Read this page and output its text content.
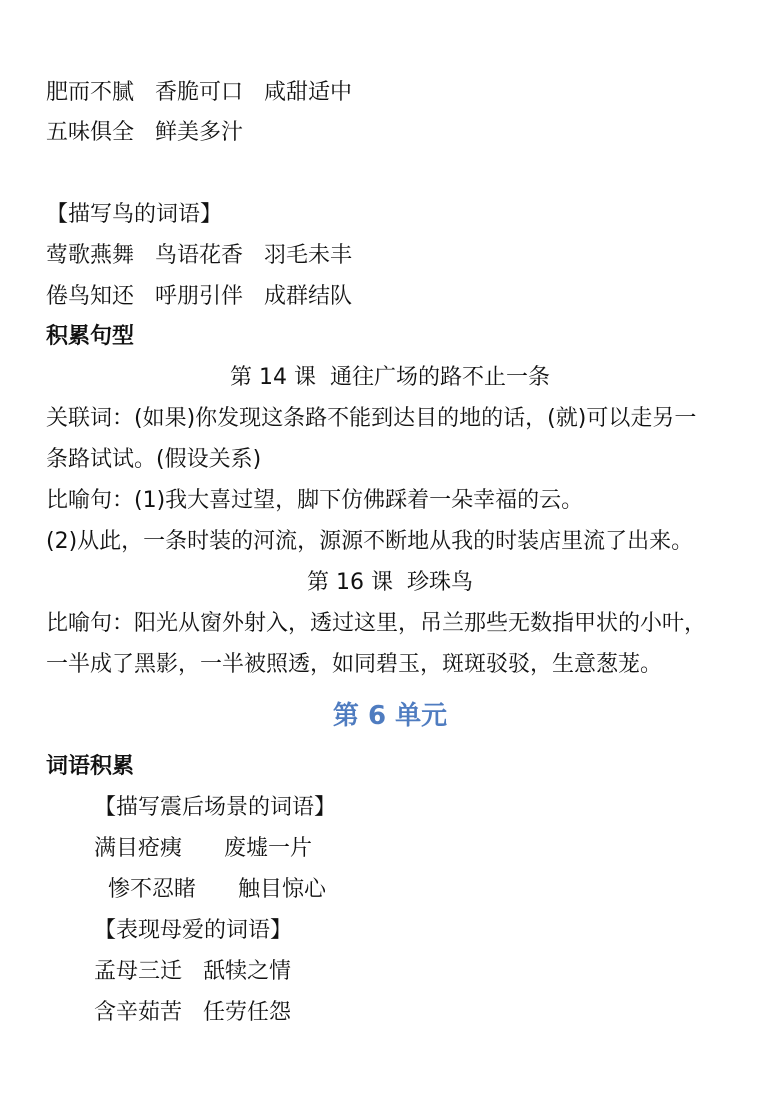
肥而不腻   香脆可口   咸甜适中
五味俱全   鲜美多汁
【描写鸟的词语】
莺歌燕舞   鸟语花香   羽毛未丰
倦鸟知还   呼朋引伴   成群结队
积累句型
第 14 课  通往广场的路不止一条
关联词：(如果)你发现这条路不能到达目的地的话，(就)可以走另一
条路试试。(假设关系)
比喻句：(1)我大喜过望，脚下仿佛踩着一朵幸福的云。
(2)从此，一条时装的河流，源源不断地从我的时装店里流了出来。
第 16 课  珍珠鸟
比喻句：阳光从窗外射入，透过这里，吊兰那些无数指甲状的小叶，
一半成了黑影，一半被照透，如同碧玉，斑斑驳驳，生意葱茏。
第 6 单元
词语积累
【描写震后场景的词语】
满目疮痍      废墟一片
惨不忍睹      触目惊心
【表现母爱的词语】
孟母三迁   舐犊之情
含辛茹苦   任劳任怨
